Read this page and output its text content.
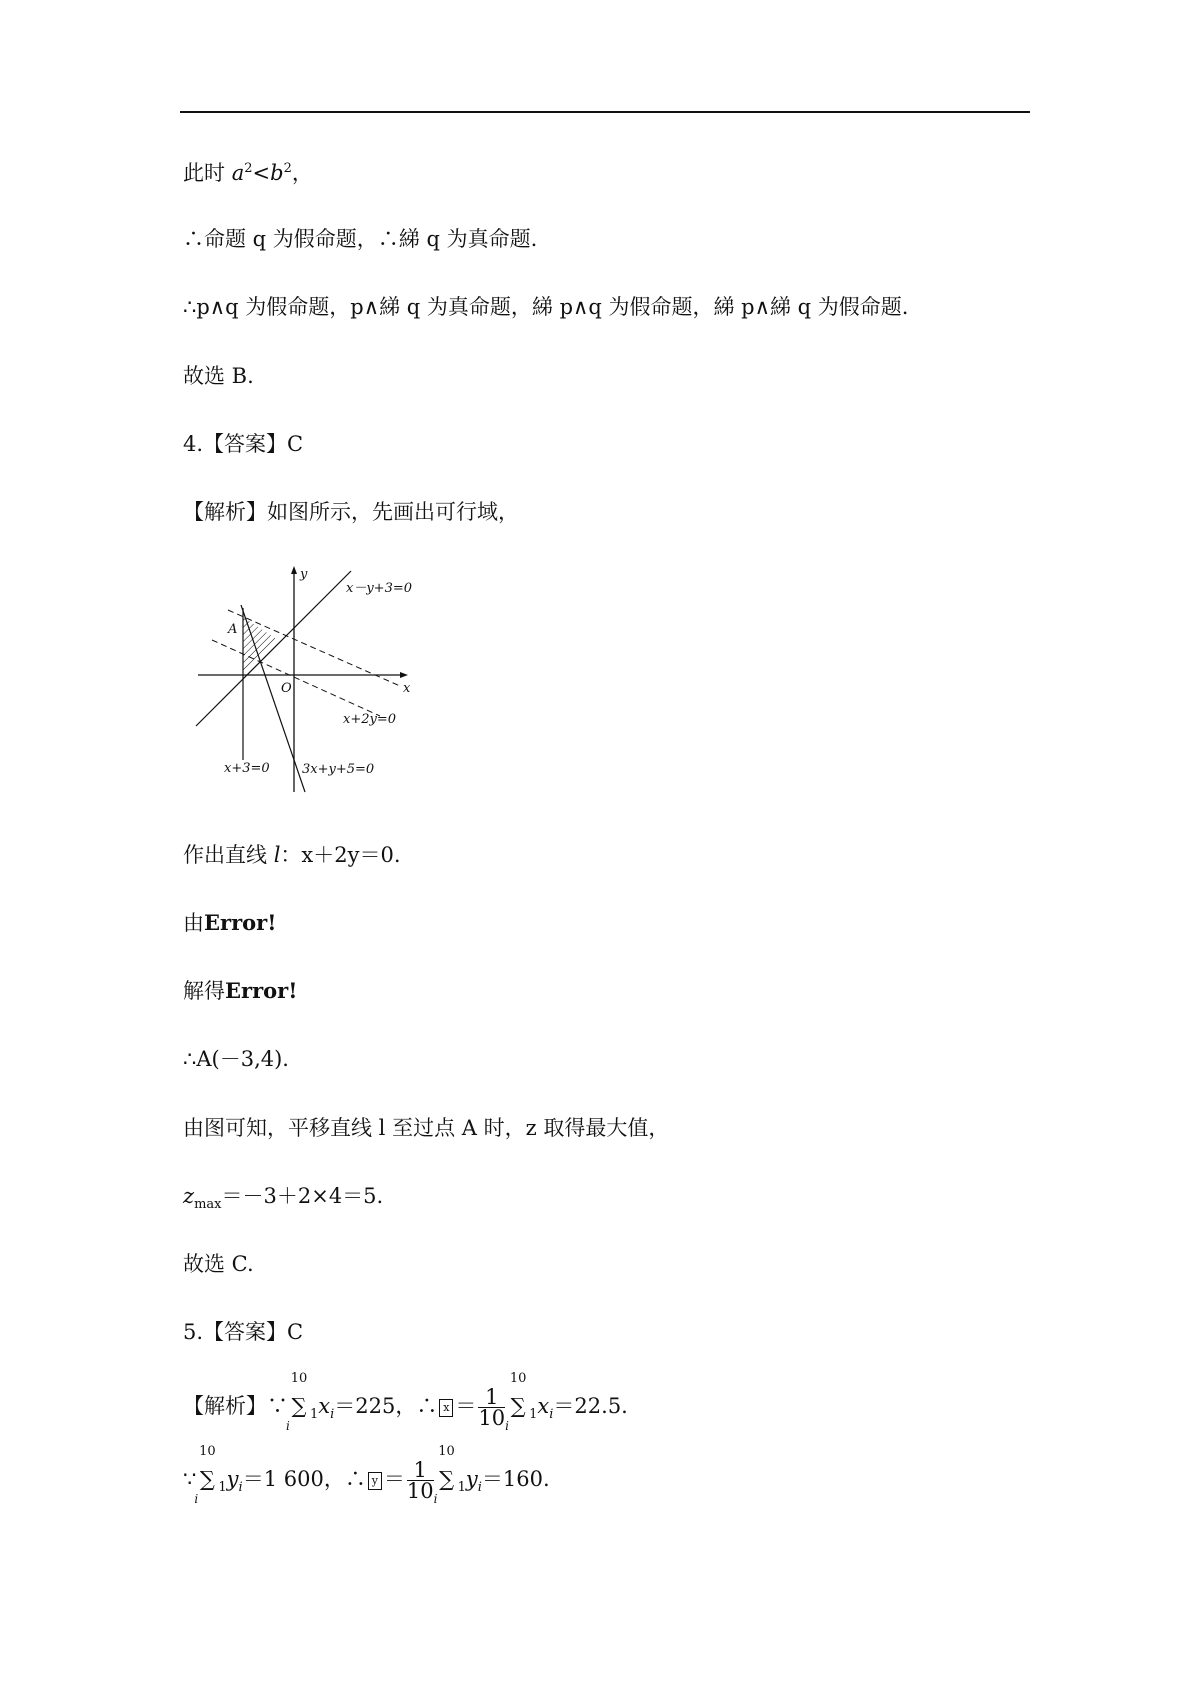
此时 $a^2<b^2$，
∴命题 q 为假命题，∴綈 q 为真命题.
∴p∧q 为假命题，p∧綈 q 为真命题，綈 p∧q 为假命题，綈 p∧綈 q 为假命题.
故选 B.
4.【答案】C
【解析】如图所示，先画出可行域，
y
x
O
A
x－y+3=0
x+2y=0
x+3=0 3x+y+5=0
作出直线 l：x＋2y＝0.
由Error!
解得Error!
∴A(－3,4).
由图可知，平移直线 l 至过点 A 时，z 取得最大值，
$z_{max}=-3+2\times 4=5$.
故选 C.
5.【答案】C
【解析】∵
10
∑
i
$_1x_i=225$，∴ $x = \frac{1}{10}$
10
∑
i
$_1x_i=22.5$.
∵
10
∑
i
$_1y_i=1$ 600，∴ $y = \frac{1}{10}$
10
∑
i
$_1y_i=160$.
